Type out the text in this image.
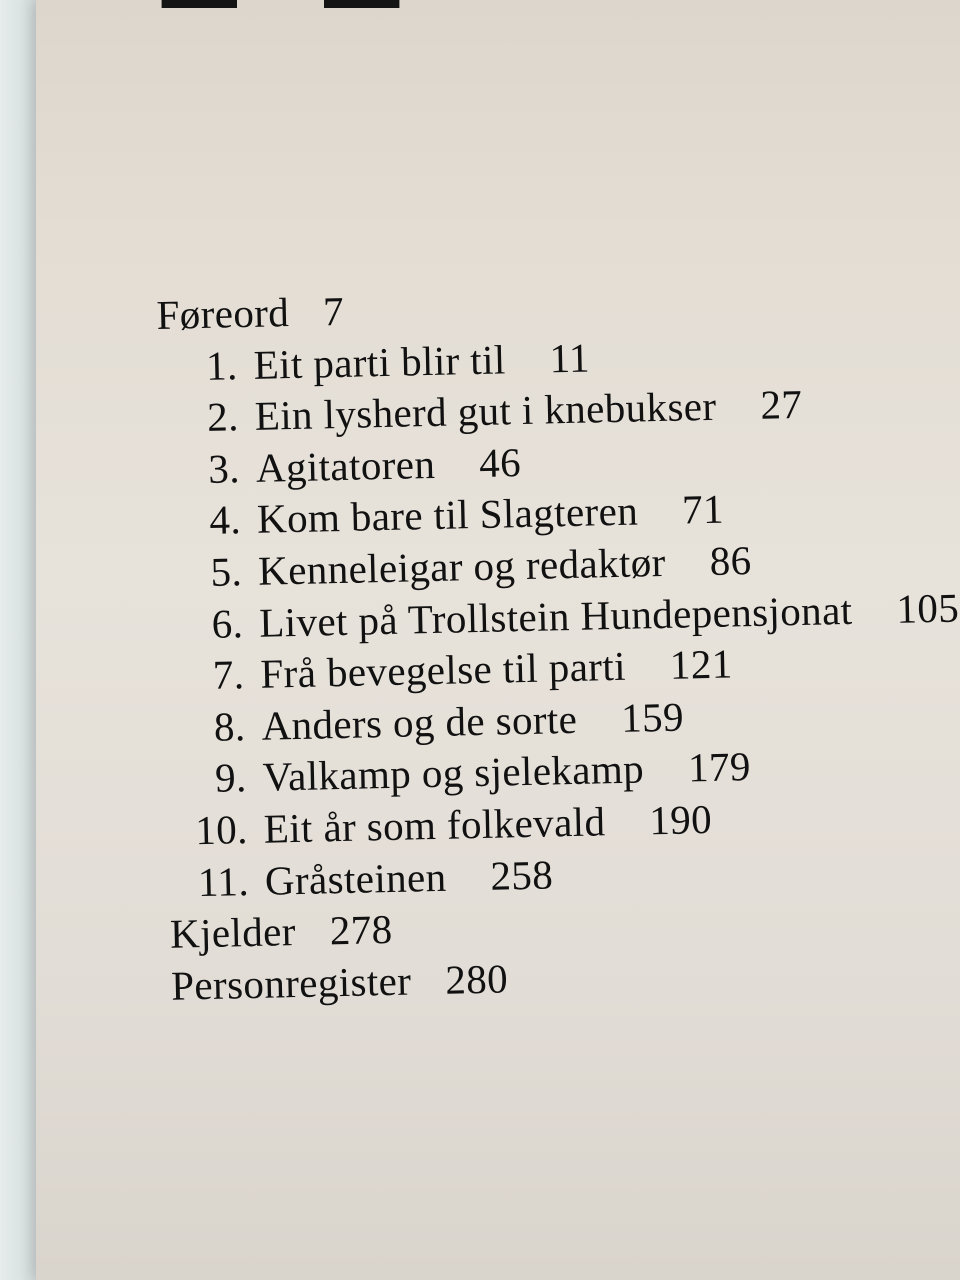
Føreord 7
1. Eit parti blir til 11
2. Ein lysherd gut i knebukser 27
3. Agitatoren 46
4. Kom bare til Slagteren 71
5. Kenneleigar og redaktør 86
6. Livet på Trollstein Hundepensjonat 105
7. Frå bevegelse til parti 121
8. Anders og de sorte 159
9. Valkamp og sjelekamp 179
10. Eit år som folkevald 190
11. Gråsteinen 258
Kjelder 278
Personregister 280
